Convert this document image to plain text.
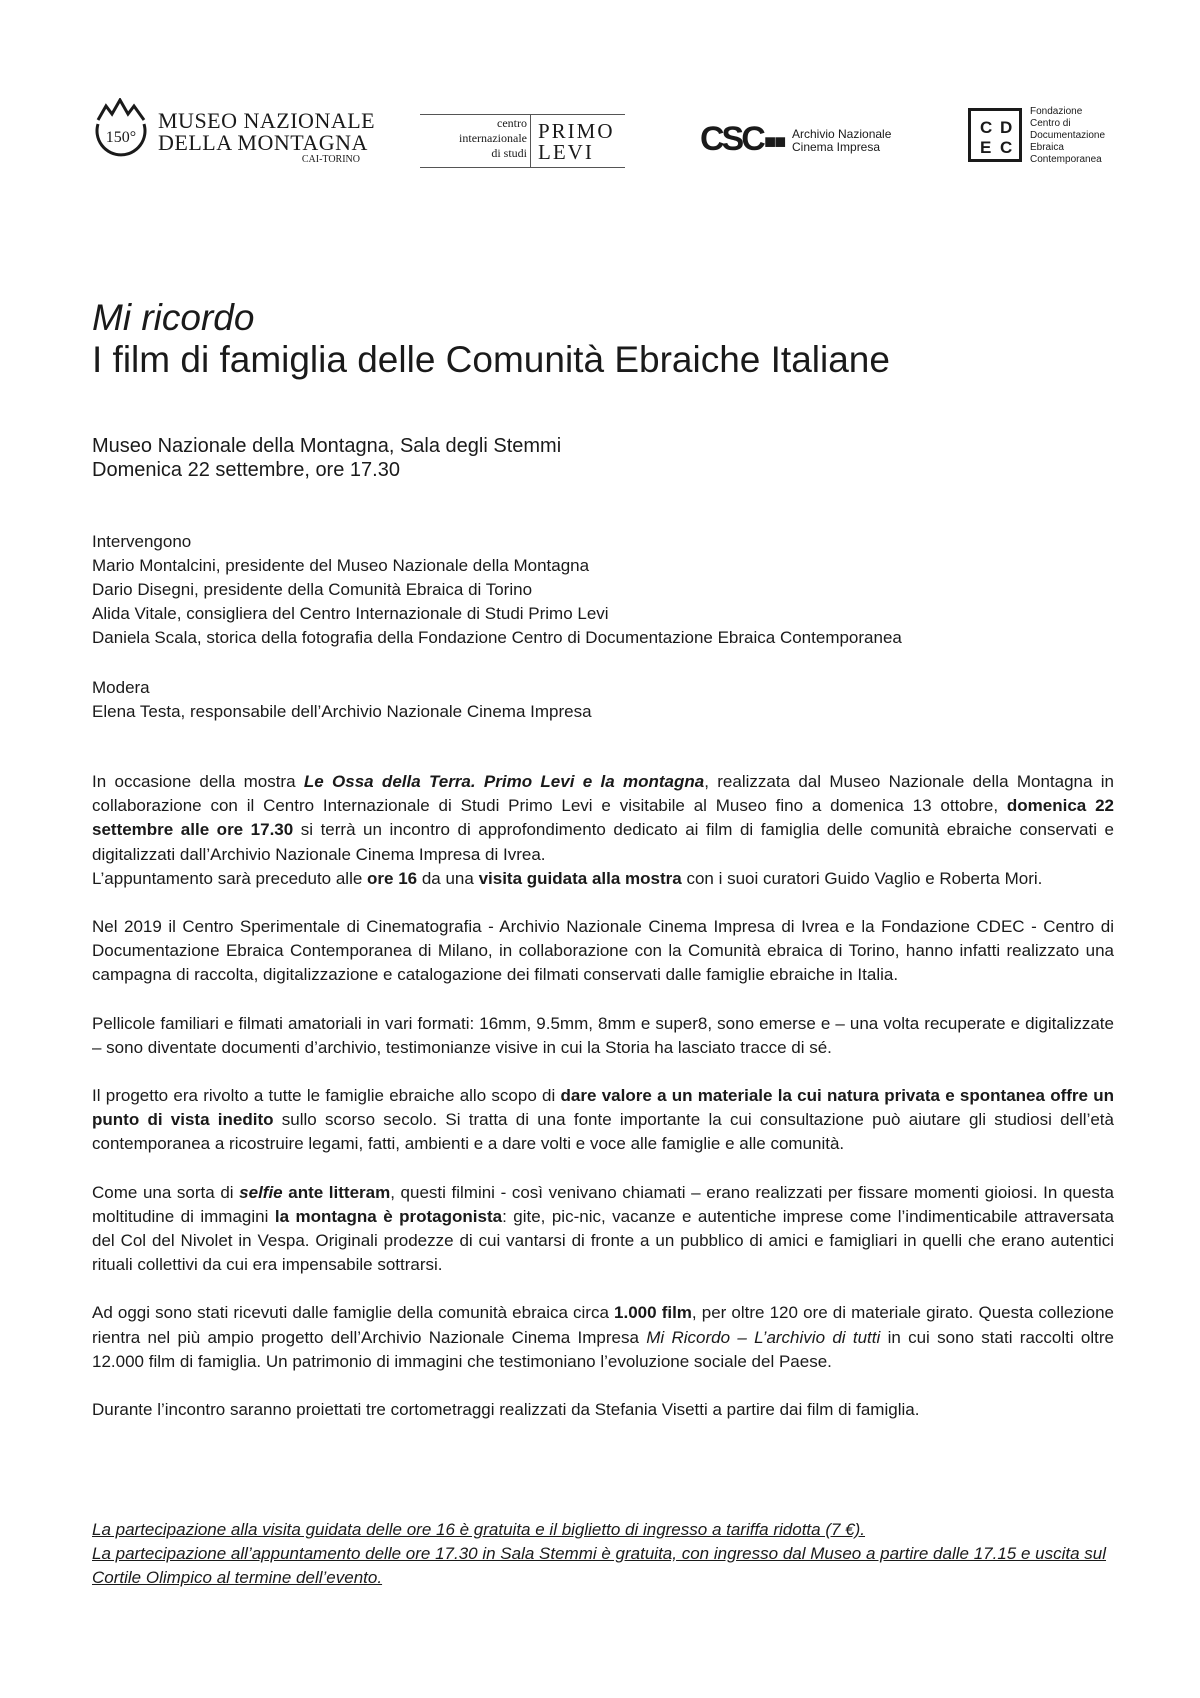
150°
MUSEO NAZIONALE
DELLA MONTAGNA
CAI-TORINO
centro
internazionale
di studi
PRIMO
LEVI	CSC ■■ Archivio Nazionale
Cinema Impresa
C D
E C
Fondazione
Centro di
Documentazione
Ebraica
Contemporanea
Mi ricordo
I film di famiglia delle Comunità Ebraiche Italiane
Museo Nazionale della Montagna, Sala degli Stemmi
Domenica 22 settembre, ore 17.30
Intervengono
Mario Montalcini, presidente del Museo Nazionale della Montagna
Dario Disegni, presidente della Comunità Ebraica di Torino
Alida Vitale, consigliera del Centro Internazionale di Studi Primo Levi
Daniela Scala, storica della fotografia della Fondazione Centro di Documentazione Ebraica Contemporanea
Modera
Elena Testa, responsabile dell’Archivio Nazionale Cinema Impresa

In occasione della mostra Le Ossa della Terra. Primo Levi e la montagna, realizzata dal Museo Nazionale della Montagna in collaborazione con il Centro Internazionale di Studi Primo Levi e visitabile al Museo fino a domenica 13 ottobre, domenica 22 settembre alle ore 17.30 si terrà un incontro di approfondimento dedicato ai film di famiglia delle comunità ebraiche conservati e digitalizzati dall’Archivio Nazionale Cinema Impresa di Ivrea.

L’appuntamento sarà preceduto alle ore 16 da una visita guidata alla mostra con i suoi curatori Guido Vaglio e Roberta Mori.

Nel 2019 il Centro Sperimentale di Cinematografia - Archivio Nazionale Cinema Impresa di Ivrea e la Fondazione CDEC - Centro di Documentazione Ebraica Contemporanea di Milano, in collaborazione con la Comunità ebraica di Torino, hanno infatti realizzato una campagna di raccolta, digitalizzazione e catalogazione dei filmati conservati dalle famiglie ebraiche in Italia.

Pellicole familiari e filmati amatoriali in vari formati: 16mm, 9.5mm, 8mm e super8, sono emerse e – una volta recuperate e digitalizzate – sono diventate documenti d’archivio, testimonianze visive in cui la Storia ha lasciato tracce di sé.

Il progetto era rivolto a tutte le famiglie ebraiche allo scopo di dare valore a un materiale la cui natura privata e spontanea offre un punto di vista inedito sullo scorso secolo. Si tratta di una fonte importante la cui consultazione può aiutare gli studiosi dell’età contemporanea a ricostruire legami, fatti, ambienti e a dare volti e voce alle famiglie e alle comunità.

Come una sorta di selfie ante litteram, questi filmini - così venivano chiamati – erano realizzati per fissare momenti gioiosi. In questa moltitudine di immagini la montagna è protagonista: gite, pic-nic, vacanze e autentiche imprese come l’indimenticabile attraversata del Col del Nivolet in Vespa. Originali prodezze di cui vantarsi di fronte a un pubblico di amici e famigliari in quelli che erano autentici rituali collettivi da cui era impensabile sottrarsi.

Ad oggi sono stati ricevuti dalle famiglie della comunità ebraica circa 1.000 film, per oltre 120 ore di materiale girato. Questa collezione rientra nel più ampio progetto dell’Archivio Nazionale Cinema Impresa Mi Ricordo – L’archivio di tutti in cui sono stati raccolti oltre 12.000 film di famiglia. Un patrimonio di immagini che testimoniano l’evoluzione sociale del Paese.

Durante l’incontro saranno proiettati tre cortometraggi realizzati da Stefania Visetti a partire dai film di famiglia.

La partecipazione alla visita guidata delle ore 16 è gratuita e il biglietto di ingresso a tariffa ridotta (7 €).

La partecipazione all’appuntamento delle ore 17.30 in Sala Stemmi è gratuita, con ingresso dal Museo a partire dalle 17.15 e uscita sul Cortile Olimpico al termine dell’evento.
